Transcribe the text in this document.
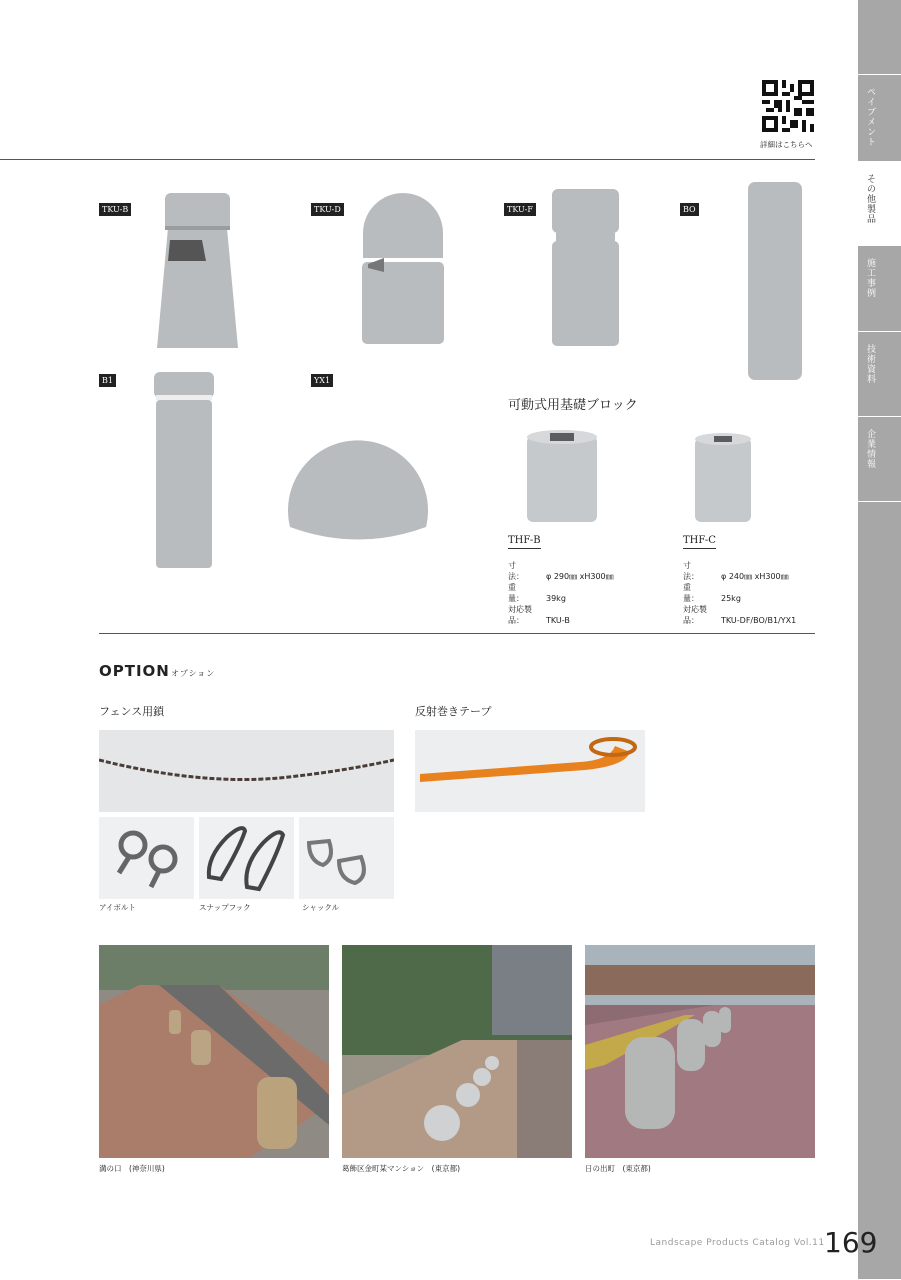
ペイブメント
その他製品
施工事例
技術資料
企業情報
詳細はこちらへ
TKU-B	TKU-D	TKU-F	BO
B1	YX1
可動式用基礎ブロック
THF-B
寸　　法：	φ 290㎜ xH300㎜
重　　量：	39kg
対応製品：	TKU-B
THF-C
寸　　法：	φ 240㎜ xH300㎜
重　　量：	25kg
対応製品：	TKU-DF/BO/B1/YX1
OPTION オプション
フェンス用鎖	反射巻きテープ
アイボルト	スナップフック	シャックル
溝の口　(神奈川県)	葛飾区金町某マンション　(東京都)	日の出町　(東京都)
Landscape Products Catalog Vol.11 169
